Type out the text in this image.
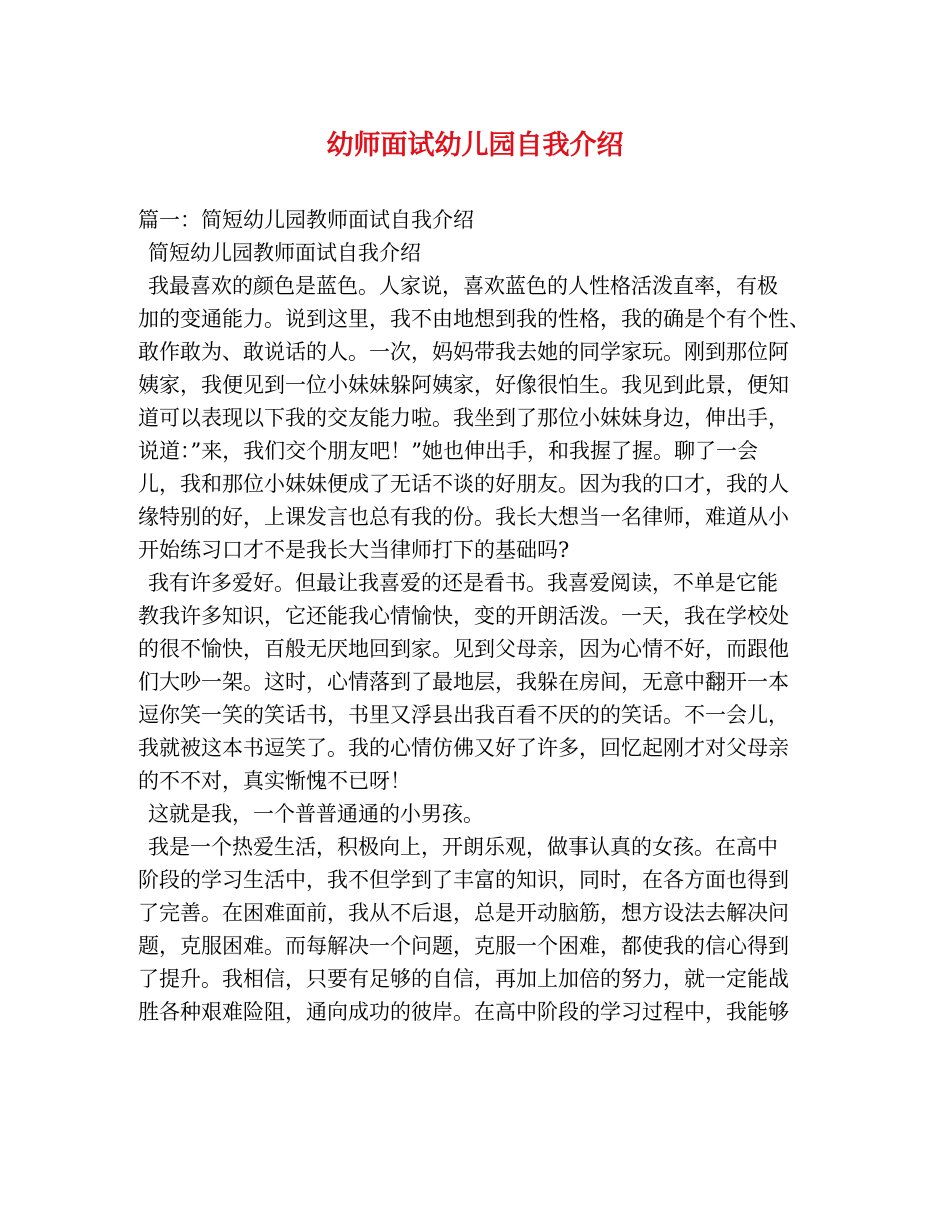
幼师面试幼儿园自我介绍
篇一：简短幼儿园教师面试自我介绍
简短幼儿园教师面试自我介绍
我最喜欢的颜色是蓝色。人家说，喜欢蓝色的人性格活泼直率，有极
加的变通能力。说到这里，我不由地想到我的性格，我的确是个有个性、
敢作敢为、敢说话的人。一次，妈妈带我去她的同学家玩。刚到那位阿
姨家，我便见到一位小妹妹躲阿姨家，好像很怕生。我见到此景，便知
道可以表现以下我的交友能力啦。我坐到了那位小妹妹身边，伸出手，
说道：”来，我们交个朋友吧！”她也伸出手，和我握了握。聊了一会
儿，我和那位小妹妹便成了无话不谈的好朋友。因为我的口才，我的人
缘特别的好，上课发言也总有我的份。我长大想当一名律师，难道从小
开始练习口才不是我长大当律师打下的基础吗?
我有许多爱好。但最让我喜爱的还是看书。我喜爱阅读，不单是它能
教我许多知识，它还能我心情愉快，变的开朗活泼。一天，我在学校处
的很不愉快，百般无厌地回到家。见到父母亲，因为心情不好，而跟他
们大吵一架。这时，心情落到了最地层，我躲在房间，无意中翻开一本
逗你笑一笑的笑话书，书里又浮县出我百看不厌的的笑话。不一会儿，
我就被这本书逗笑了。我的心情仿佛又好了许多，回忆起刚才对父母亲
的不不对，真实惭愧不已呀！
这就是我，一个普普通通的小男孩。
我是一个热爱生活，积极向上，开朗乐观，做事认真的女孩。在高中
阶段的学习生活中，我不但学到了丰富的知识，同时，在各方面也得到
了完善。在困难面前，我从不后退，总是开动脑筋，想方设法去解决问
题，克服困难。而每解决一个问题，克服一个困难，都使我的信心得到
了提升。我相信，只要有足够的自信，再加上加倍的努力，就一定能战
胜各种艰难险阻，通向成功的彼岸。在高中阶段的学习过程中，我能够
